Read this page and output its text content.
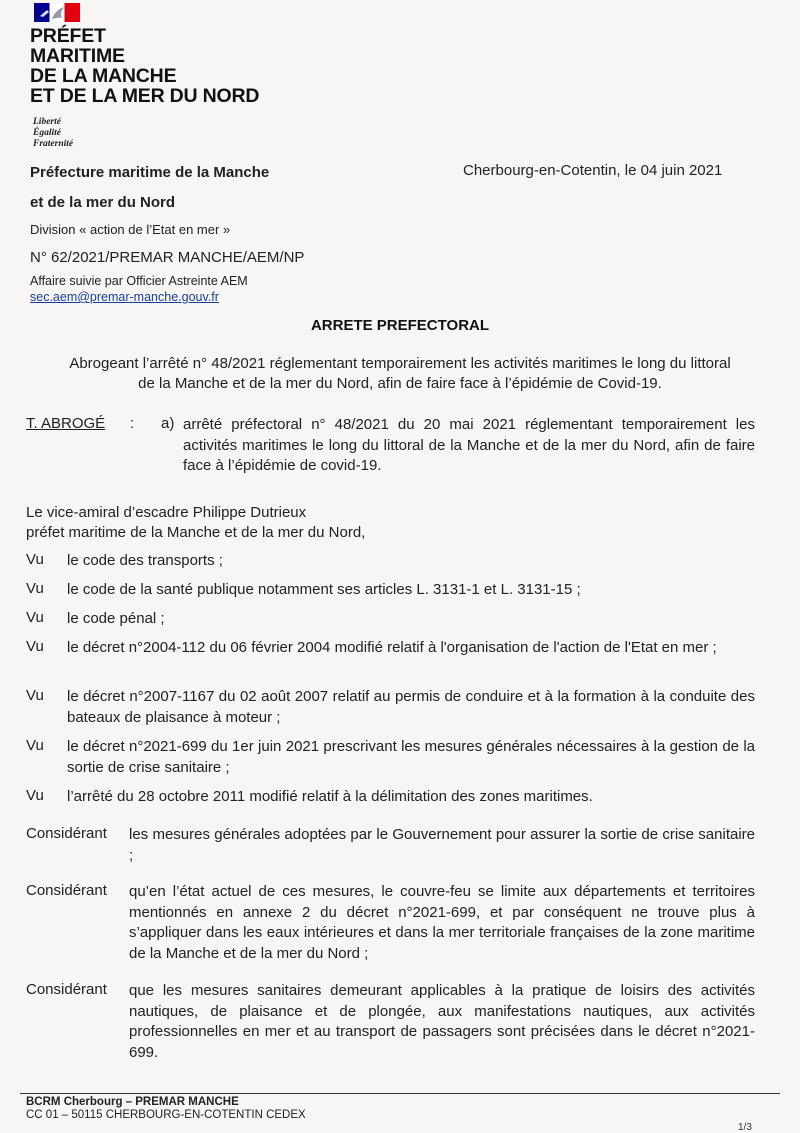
PRÉFET
MARITIME
DE LA MANCHE
ET DE LA MER DU NORD
Liberté
Égalité
Fraternité
Préfecture maritime de la Manche
et de la mer du Nord
Cherbourg-en-Cotentin, le 04 juin 2021
Division « action de l’Etat en mer »
N° 62/2021/PREMAR MANCHE/AEM/NP
Affaire suivie par Officier Astreinte AEM
sec.aem@premar-manche.gouv.fr
ARRETE PREFECTORAL
Abrogeant l’arrêté n° 48/2021 réglementant temporairement les activités maritimes le long du littoral
de la Manche et de la mer du Nord, afin de faire face à l’épidémie de Covid-19.
T. ABROGÉ : a) arrêté préfectoral n° 48/2021 du 20 mai 2021 réglementant temporairement les activités maritimes le long du littoral de la Manche et de la mer du Nord, afin de faire face à l’épidémie de covid-19.
Le vice-amiral d’escadre Philippe Dutrieux
préfet maritime de la Manche et de la mer du Nord,
Vu le code des transports ;
Vu le code de la santé publique notamment ses articles L. 3131-1 et L. 3131-15 ;
Vu le code pénal ;
Vu le décret n°2004-112 du 06 février 2004 modifié relatif à l'organisation de l'action de l'Etat en mer ;
Vu le décret n°2007-1167 du 02 août 2007 relatif au permis de conduire et à la formation à la conduite des bateaux de plaisance à moteur ;
Vu le décret n°2021-699 du 1er juin 2021 prescrivant les mesures générales nécessaires à la gestion de la sortie de crise sanitaire ;
Vu l’arrêté du 28 octobre 2011 modifié relatif à la délimitation des zones maritimes.
Considérant les mesures générales adoptées par le Gouvernement pour assurer la sortie de crise sanitaire ;
Considérant qu’en l’état actuel de ces mesures, le couvre-feu se limite aux départements et territoires mentionnés en annexe 2 du décret n°2021-699, et par conséquent ne trouve plus à s’appliquer dans les eaux intérieures et dans la mer territoriale françaises de la zone maritime de la Manche et de la mer du Nord ;
Considérant que les mesures sanitaires demeurant applicables à la pratique de loisirs des activités nautiques, de plaisance et de plongée, aux manifestations nautiques, aux activités professionnelles en mer et au transport de passagers sont précisées dans le décret n°2021-699.
BCRM Cherbourg – PREMAR MANCHE
CC 01 – 50115 CHERBOURG-EN-COTENTIN CEDEX
1/3
